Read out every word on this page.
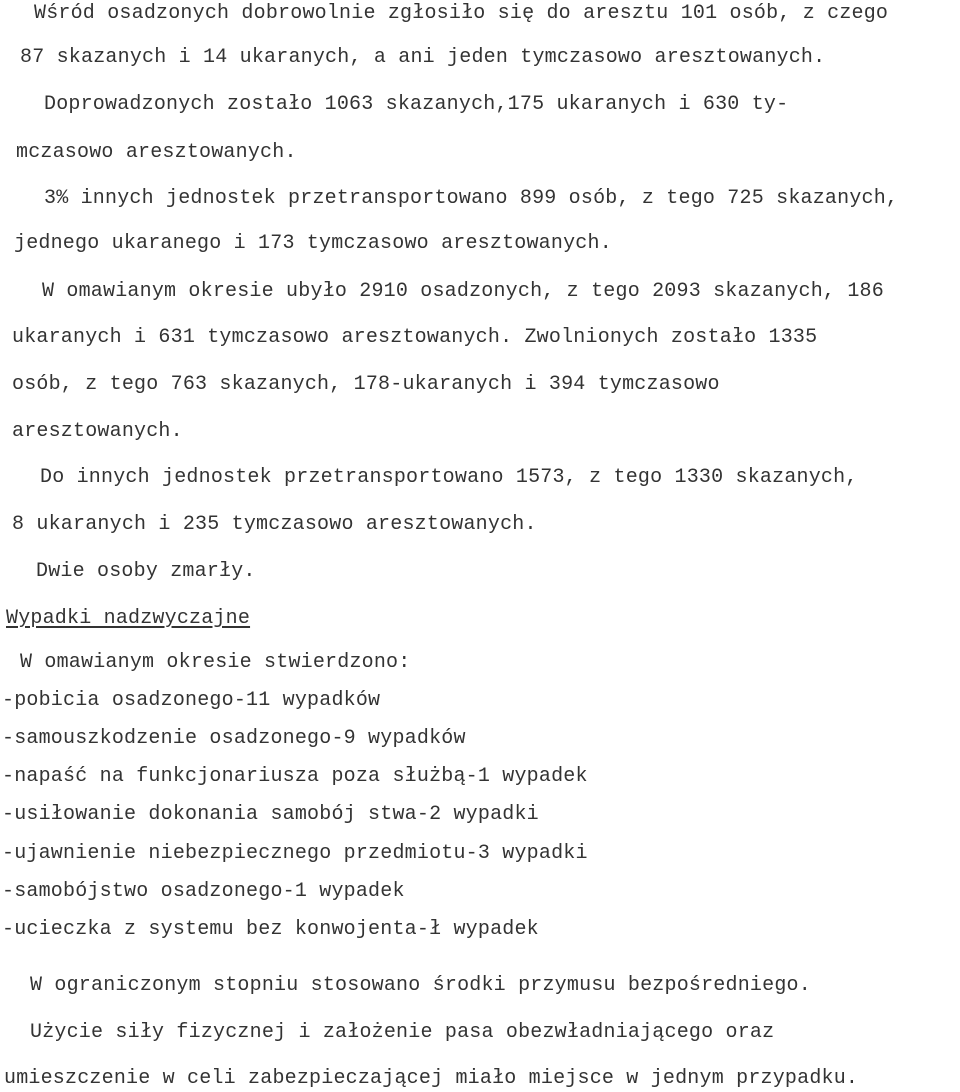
Wśród osadzonych dobrowolnie zgłosiło się do aresztu 101 osób, z czego
87 skazanych i 14 ukaranych, a ani jeden tymczasowo aresztowanych.
Doprowadzonych zostało 1063 skazanych,175 ukaranych i 630 ty-
mczasowo aresztowanych.
3% innych jednostek przetransportowano 899 osób, z tego 725 skazanych,
jednego ukaranego i 173 tymczasowo aresztowanych.
W omawianym okresie ubyło 2910 osadzonych, z tego 2093 skazanych, 186
ukaranych i 631 tymczasowo aresztowanych. Zwolnionych zostało 1335
osób, z tego 763 skazanych, 178-ukaranych i 394 tymczasowo
aresztowanych.
Do innych jednostek przetransportowano 1573, z tego 1330 skazanych,
8 ukaranych i 235 tymczasowo aresztowanych.
Dwie osoby zmarły.
Wypadki nadzwyczajne
W omawianym okresie stwierdzono:
-pobicia osadzonego-11 wypadków
-samouszkodzenie osadzonego-9 wypadków
-napaść na funkcjonariusza poza służbą-1 wypadek
-usiłowanie dokonania samobój stwa-2 wypadki
-ujawnienie niebezpiecznego przedmiotu-3 wypadki
-samobójstwo osadzonego-1 wypadek
-ucieczka z systemu bez konwojenta-ł wypadek
W ograniczonym stopniu stosowano środki przymusu bezpośredniego.
Użycie siły fizycznej i założenie pasa obezwładniającego oraz
umieszczenie w celi zabezpieczającej miało miejsce w jednym przypadku.
